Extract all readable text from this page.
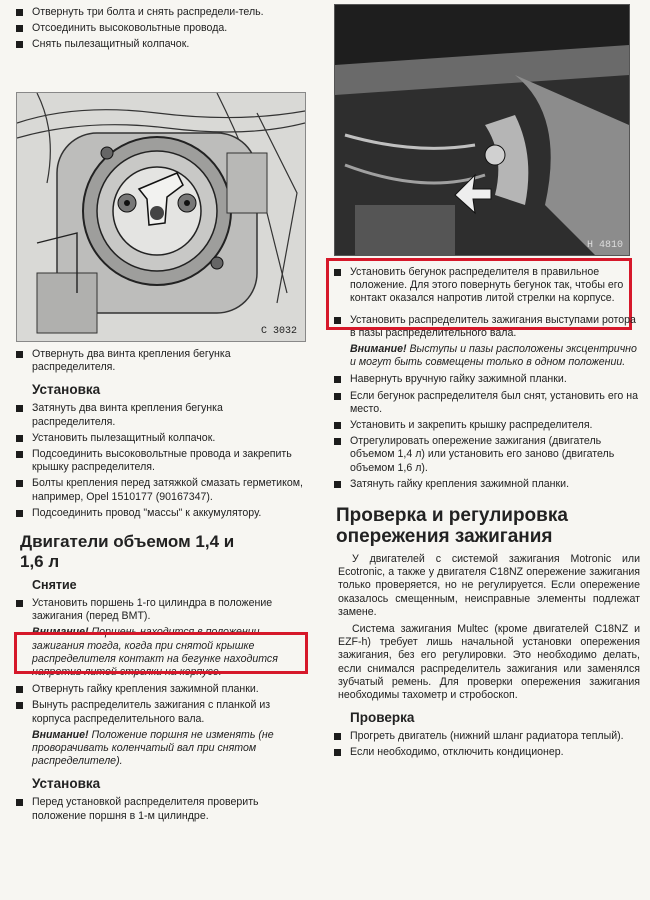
Отвернуть три болта и снять распредели-тель.
Отсоединить высоковольтные провода.
Снять пылезащитный колпачок.
C 3032
Отвернуть два винта крепления бегунка распределителя.
Установка
Затянуть два винта крепления бегунка распределителя.
Установить пылезащитный колпачок.
Подсоединить высоковольтные провода и закрепить крышку распределителя.
Болты крепления перед затяжкой смазать герметиком, например, Opel 1510177 (90167347).
Подсоединить провод "массы" к аккумулятору.
Двигатели объемом 1,4 и 1,6 л
Снятие
Установить поршень 1-го цилиндра в положение зажигания (перед ВМТ).
Внимание! Поршень находится в положении зажигания тогда, когда при снятой крышке распределителя контакт на бегунке находится напротив литой стрелки на корпусе.
Отвернуть гайку крепления зажимной планки.
Вынуть распределитель зажигания с планкой из корпуса распределительного вала.
Внимание! Положение поршня не изменять (не проворачивать коленчатый вал при снятом распределителе).
Установка
Перед установкой распределителя проверить положение поршня в 1-м цилиндре.
H 4810
Установить бегунок распределителя в правильное положение. Для этого повернуть бегунок так, чтобы его контакт оказался напротив литой стрелки на корпусе.
Установить распределитель зажигания выступами ротора в пазы распределительного вала.
Внимание! Выступы и пазы расположены эксцентрично и могут быть совмещены только в одном положении.
Навернуть вручную гайку зажимной планки.
Если бегунок распределителя был снят, установить его на место.
Установить и закрепить крышку распределителя.
Отрегулировать опережение зажигания (двигатель объемом 1,4 л) или установить его заново (двигатель объемом 1,6 л).
Затянуть гайку крепления зажимной планки.
Проверка и регулировка опережения зажигания
У двигателей с системой зажигания Motronic или Ecotronic, а также у двигателя C18NZ опережение зажигания только проверяется, но не регулируется. Если опережение оказалось смещенным, неисправные элементы подлежат замене.
Система зажигания Multec (кроме двигателей C18NZ и EZF-h) требует лишь начальной установки опережения зажигания, без его регулировки. Это необходимо делать, если снимался распределитель зажигания или заменялся зубчатый ремень. Для проверки опережения зажигания необходимы тахометр и стробоскоп.
Проверка
Прогреть двигатель (нижний шланг радиатора теплый).
Если необходимо, отключить кондиционер.
